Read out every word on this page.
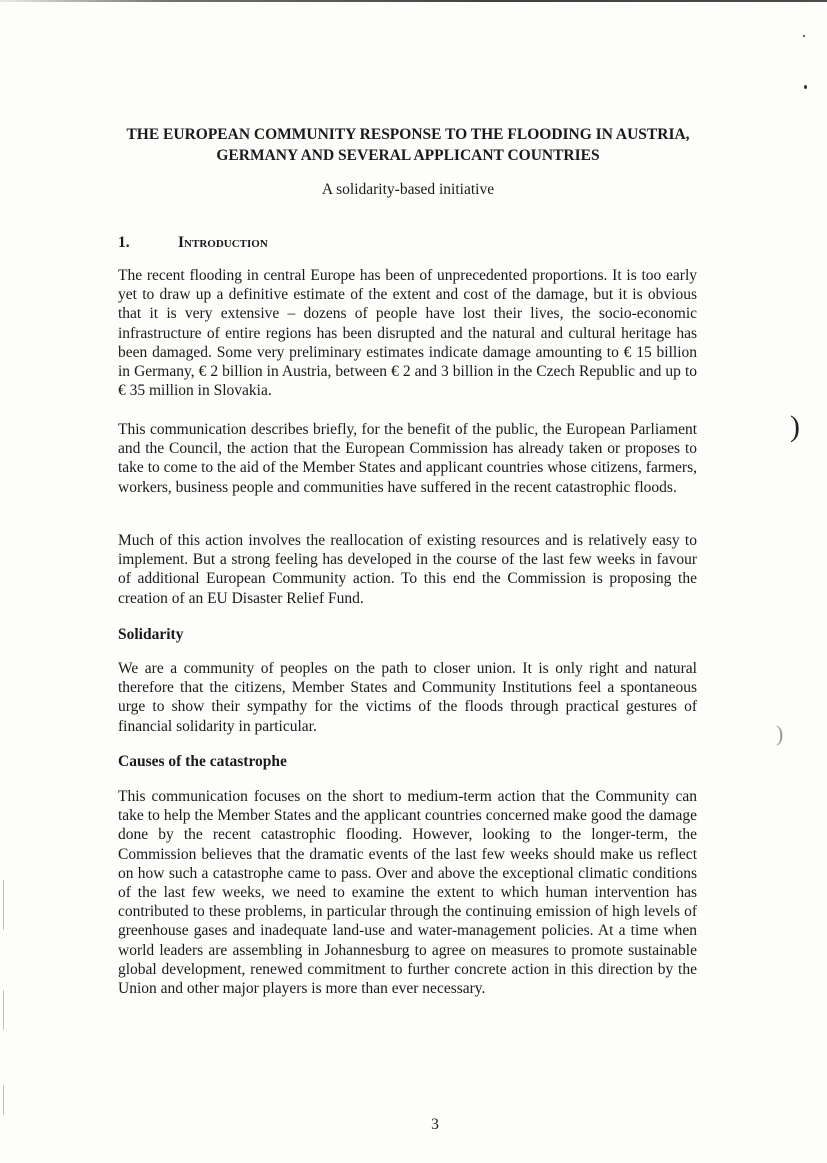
THE EUROPEAN COMMUNITY RESPONSE TO THE FLOODING IN AUSTRIA, GERMANY AND SEVERAL APPLICANT COUNTRIES

A solidarity-based initiative

1.	Introduction

The recent flooding in central Europe has been of unprecedented proportions. It is too early yet to draw up a definitive estimate of the extent and cost of the damage, but it is obvious that it is very extensive – dozens of people have lost their lives, the socio-economic infrastructure of entire regions has been disrupted and the natural and cultural heritage has been damaged. Some very preliminary estimates indicate damage amounting to € 15 billion in Germany, € 2 billion in Austria, between € 2 and 3 billion in the Czech Republic and up to € 35 million in Slovakia.

This communication describes briefly, for the benefit of the public, the European Parliament and the Council, the action that the European Commission has already taken or proposes to take to come to the aid of the Member States and applicant countries whose citizens, farmers, workers, business people and communities have suffered in the recent catastrophic floods.

Much of this action involves the reallocation of existing resources and is relatively easy to implement. But a strong feeling has developed in the course of the last few weeks in favour of additional European Community action. To this end the Commission is proposing the creation of an EU Disaster Relief Fund.

Solidarity

We are a community of peoples on the path to closer union. It is only right and natural therefore that the citizens, Member States and Community Institutions feel a spontaneous urge to show their sympathy for the victims of the floods through practical gestures of financial solidarity in particular.

Causes of the catastrophe

This communication focuses on the short to medium-term action that the Community can take to help the Member States and the applicant countries concerned make good the damage done by the recent catastrophic flooding. However, looking to the longer-term, the Commission believes that the dramatic events of the last few weeks should make us reflect on how such a catastrophe came to pass. Over and above the exceptional climatic conditions of the last few weeks, we need to examine the extent to which human intervention has contributed to these problems, in particular through the continuing emission of high levels of greenhouse gases and inadequate land-use and water-management policies. At a time when world leaders are assembling in Johannesburg to agree on measures to promote sustainable global development, renewed commitment to further concrete action in this direction by the Union and other major players is more than ever necessary.

)
)

3
